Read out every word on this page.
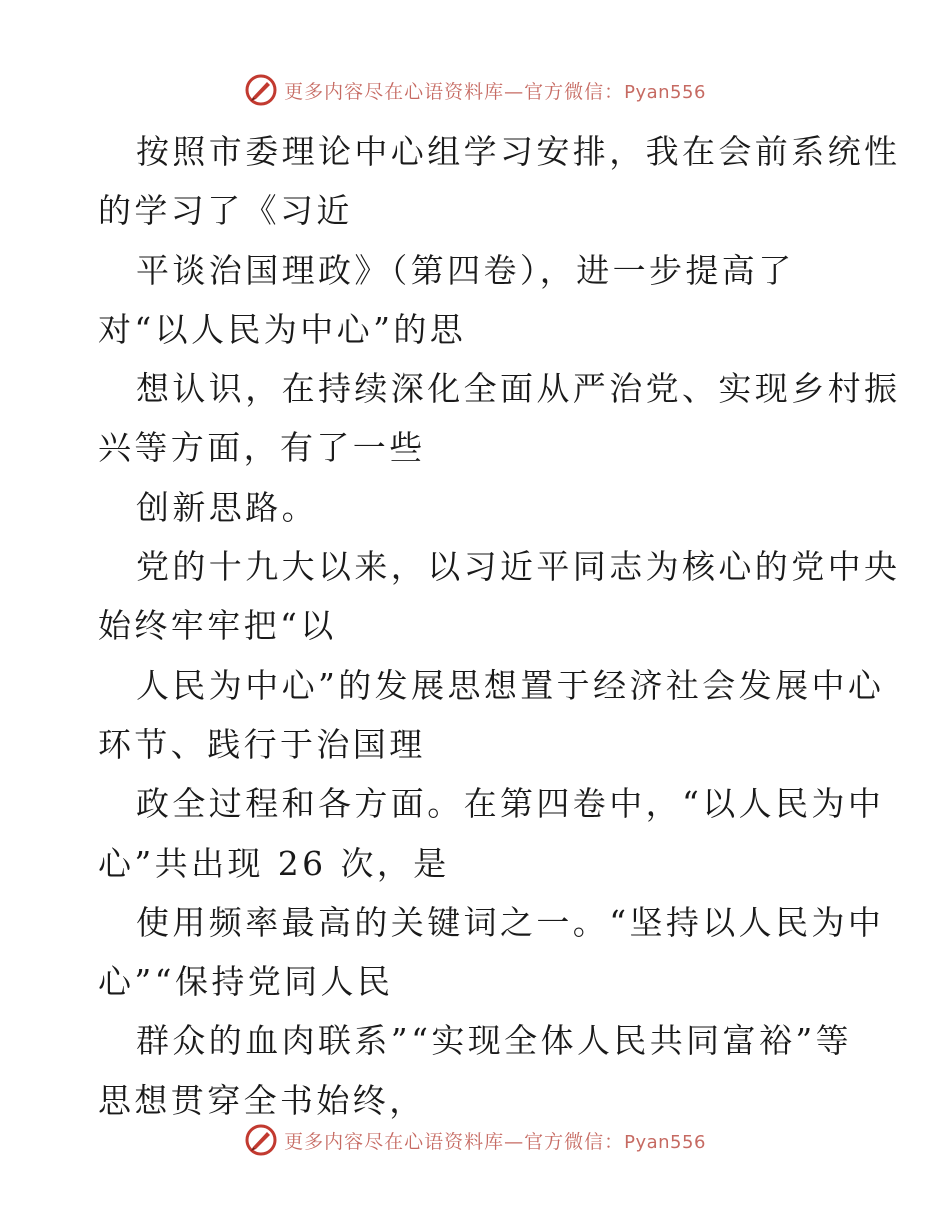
更多内容尽在心语资料库—官方微信：Pyan556
按照市委理论中心组学习安排，我在会前系统性
的学习了《习近
平谈治国理政》（第四卷），进一步提高了
对“以人民为中心”的思
想认识，在持续深化全面从严治党、实现乡村振
兴等方面，有了一些
创新思路。
党的十九大以来，以习近平同志为核心的党中央
始终牢牢把“以
人民为中心”的发展思想置于经济社会发展中心
环节、践行于治国理
政全过程和各方面。在第四卷中，“以人民为中
心”共出现 26 次，是
使用频率最高的关键词之一。“坚持以人民为中
心”“保持党同人民
群众的血肉联系”“实现全体人民共同富裕”等
思想贯穿全书始终，
更多内容尽在心语资料库—官方微信：Pyan556
